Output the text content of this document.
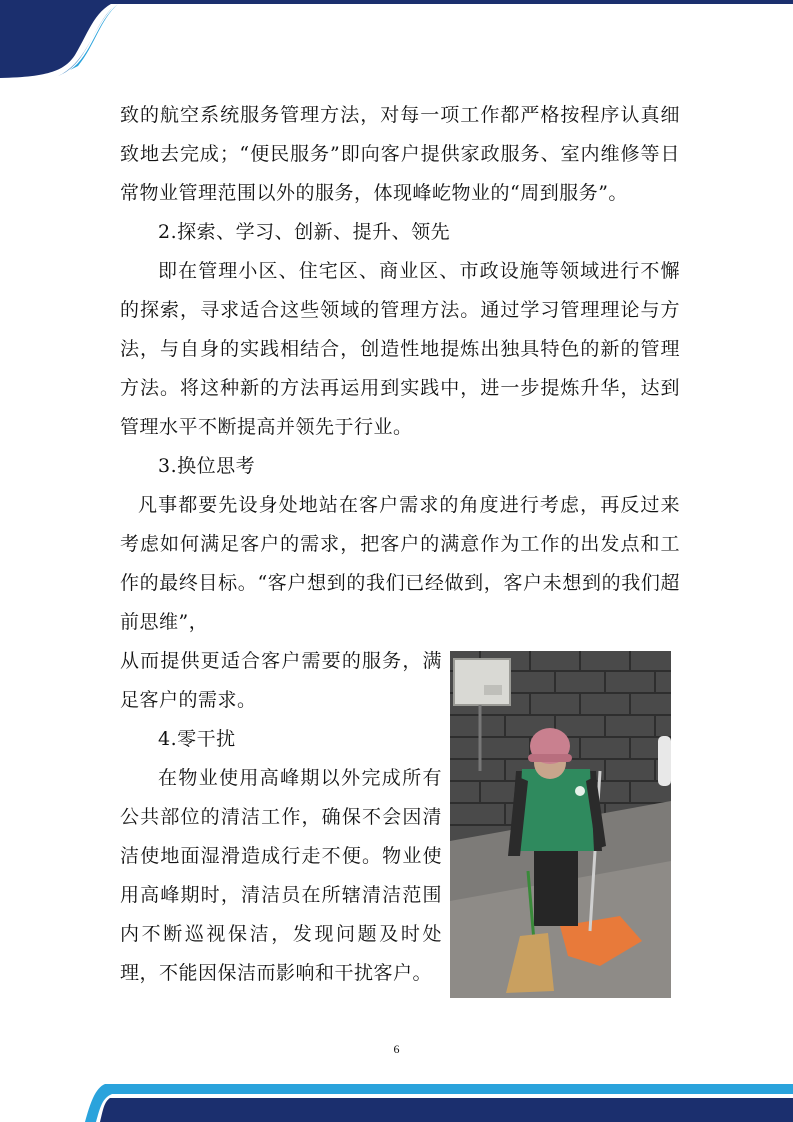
致的航空系统服务管理方法，对每一项工作都严格按程序认真细致地去完成；“便民服务”即向客户提供家政服务、室内维修等日常物业管理范围以外的服务，体现峰屹物业的“周到服务”。

2.探索、学习、创新、提升、领先

即在管理小区、住宅区、商业区、市政设施等领域进行不懈的探索，寻求适合这些领域的管理方法。通过学习管理理论与方法，与自身的实践相结合，创造性地提炼出独具特色的新的管理方法。将这种新的方法再运用到实践中，进一步提炼升华，达到管理水平不断提高并领先于行业。

3.换位思考

凡事都要先设身处地站在客户需求的角度进行考虑，再反过来考虑如何满足客户的需求，把客户的满意作为工作的出发点和工作的最终目标。“客户想到的我们已经做到，客户未想到的我们超前思维”，

从而提供更适合客户需要的服务，满足客户的需求。

4.零干扰

在物业使用高峰期以外完成所有公共部位的清洁工作，确保不会因清洁使地面湿滑造成行走不便。物业使用高峰期时，清洁员在所辖清洁范围内不断巡视保洁，发现问题及时处理，不能因保洁而影响和干扰客户。

6
